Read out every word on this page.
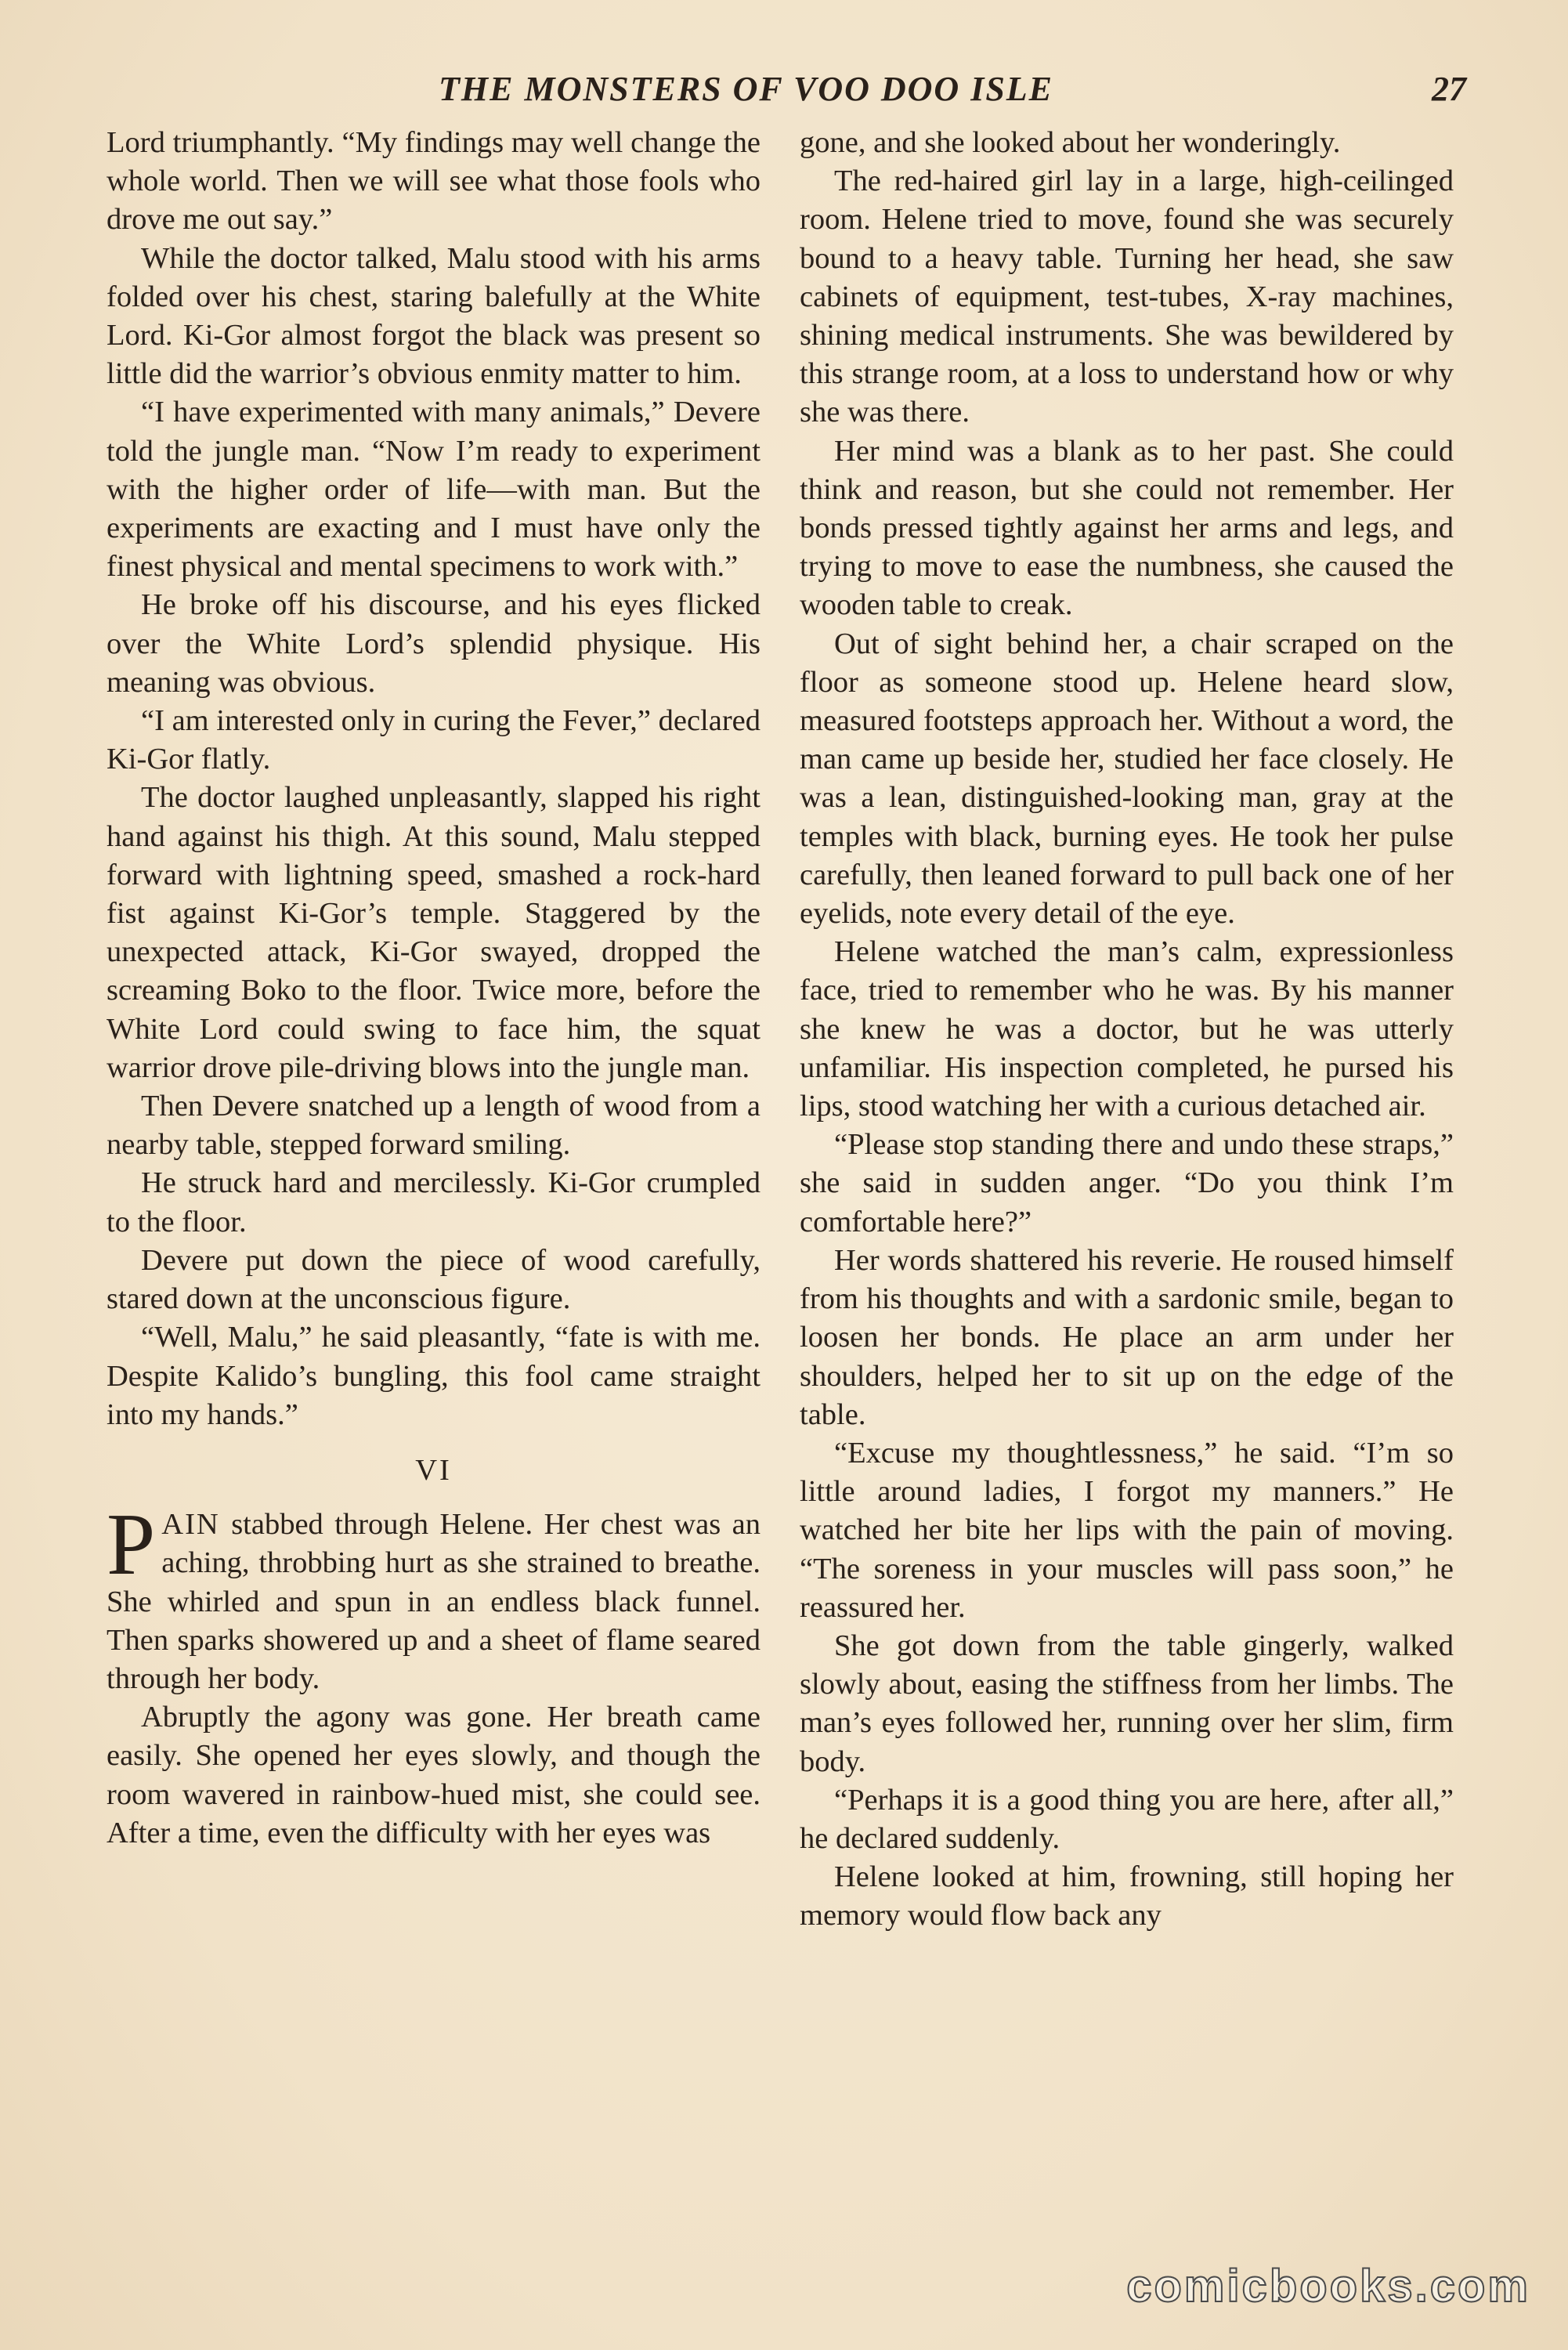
THE MONSTERS OF VOO DOO ISLE	27

Lord triumphantly. “My findings may well change the whole world. Then we will see what those fools who drove me out say.”

While the doctor talked, Malu stood with his arms folded over his chest, staring balefully at the White Lord. Ki-Gor almost forgot the black was present so little did the warrior’s obvious enmity matter to him.

“I have experimented with many animals,” Devere told the jungle man. “Now I’m ready to experiment with the higher order of life—with man. But the experiments are exacting and I must have only the finest physical and mental specimens to work with.”

He broke off his discourse, and his eyes flicked over the White Lord’s splendid physique. His meaning was obvious.

“I am interested only in curing the Fever,” declared Ki-Gor flatly.

The doctor laughed unpleasantly, slapped his right hand against his thigh. At this sound, Malu stepped forward with lightning speed, smashed a rock-hard fist against Ki-Gor’s temple. Staggered by the unexpected attack, Ki-Gor swayed, dropped the screaming Boko to the floor. Twice more, before the White Lord could swing to face him, the squat warrior drove pile-driving blows into the jungle man.

Then Devere snatched up a length of wood from a nearby table, stepped forward smiling.

He struck hard and mercilessly. Ki-Gor crumpled to the floor.

Devere put down the piece of wood carefully, stared down at the unconscious figure.

“Well, Malu,” he said pleasantly, “fate is with me. Despite Kalido’s bungling, this fool came straight into my hands.”

VI

PAIN stabbed through Helene. Her chest was an aching, throbbing hurt as she strained to breathe. She whirled and spun in an endless black funnel. Then sparks showered up and a sheet of flame seared through her body.

Abruptly the agony was gone. Her breath came easily. She opened her eyes slowly, and though the room wavered in rainbow-hued mist, she could see. After a time, even the difficulty with her eyes was

gone, and she looked about her wonderingly.

The red-haired girl lay in a large, high-ceilinged room. Helene tried to move, found she was securely bound to a heavy table. Turning her head, she saw cabinets of equipment, test-tubes, X-ray machines, shining medical instruments. She was bewildered by this strange room, at a loss to understand how or why she was there.

Her mind was a blank as to her past. She could think and reason, but she could not remember. Her bonds pressed tightly against her arms and legs, and trying to move to ease the numbness, she caused the wooden table to creak.

Out of sight behind her, a chair scraped on the floor as someone stood up. Helene heard slow, measured footsteps approach her. Without a word, the man came up beside her, studied her face closely. He was a lean, distinguished-looking man, gray at the temples with black, burning eyes. He took her pulse carefully, then leaned forward to pull back one of her eyelids, note every detail of the eye.

Helene watched the man’s calm, expressionless face, tried to remember who he was. By his manner she knew he was a doctor, but he was utterly unfamiliar. His inspection completed, he pursed his lips, stood watching her with a curious detached air.

“Please stop standing there and undo these straps,” she said in sudden anger. “Do you think I’m comfortable here?”

Her words shattered his reverie. He roused himself from his thoughts and with a sardonic smile, began to loosen her bonds. He place an arm under her shoulders, helped her to sit up on the edge of the table.

“Excuse my thoughtlessness,” he said. “I’m so little around ladies, I forgot my manners.” He watched her bite her lips with the pain of moving. “The soreness in your muscles will pass soon,” he reassured her.

She got down from the table gingerly, walked slowly about, easing the stiffness from her limbs. The man’s eyes followed her, running over her slim, firm body.

“Perhaps it is a good thing you are here, after all,” he declared suddenly.

Helene looked at him, frowning, still hoping her memory would flow back any

comicbooks.com
